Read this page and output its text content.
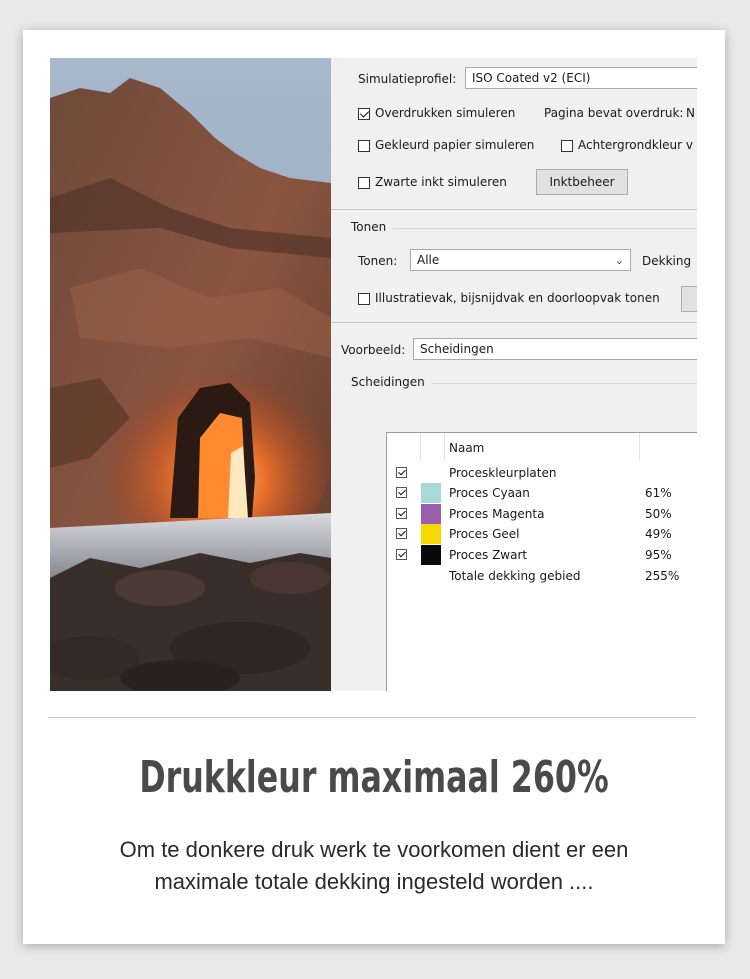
Simulatieprofiel:	ISO Coated v2 (ECI)
Overdrukken simuleren Pagina bevat overdruk: N
Gekleurd papier simuleren	Achtergrondkleur v
Zwarte inkt simuleren	Inktbeheer
Tonen
Tonen:	Alle	⌄ Dekking
Illustratievak, bijsnijdvak en doorloopvak tonen
Voorbeeld:	Scheidingen
Scheidingen
Naam
Proceskleurplaten
Proces Cyaan	61%
Proces Magenta	50%
Proces Geel	49%
Proces Zwart	95%
Totale dekking gebied	255%
Drukkleur maximaal 260%
Om te donkere druk werk te voorkomen dient er een
maximale totale dekking ingesteld worden ....
